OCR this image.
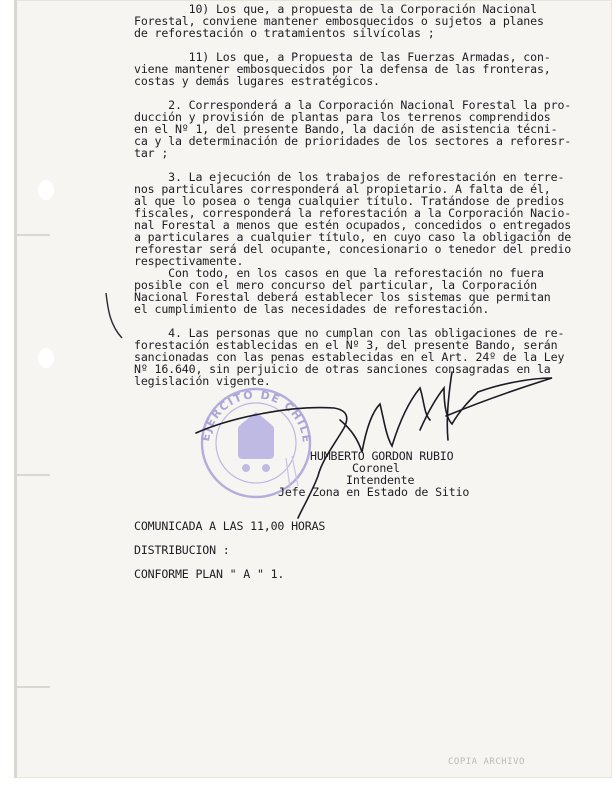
10) Los que, a propuesta de la Corporación Nacional
Forestal, conviene mantener embosquecidos o sujetos a planes
de reforestación o tratamientos silvícolas ;
11) Los que, a Propuesta de las Fuerzas Armadas, con-
viene mantener embosquecidos por la defensa de las fronteras,
costas y demás lugares estratégicos.
2. Corresponderá a la Corporación Nacional Forestal la pro-
ducción y provisión de plantas para los terrenos comprendidos
en el Nº 1, del presente Bando, la dación de asistencia técni-
ca y la determinación de prioridades de los sectores a reforesr-
tar ;
3. La ejecución de los trabajos de reforestación en terre-
nos particulares corresponderá al propietario. A falta de él,
al que lo posea o tenga cualquier título. Tratándose de predios
fiscales, corresponderá la reforestación a la Corporación Nacio-
nal Forestal a menos que estén ocupados, concedidos o entregados
a particulares a cualquier título, en cuyo caso la obligación de
reforestar será del ocupante, concesionario o tenedor del predio
respectivamente.
Con todo, en los casos en que la reforestación no fuera
posible con el mero concurso del particular, la Corporación
Nacional Forestal deberá establecer los sistemas que permitan
el cumplimiento de las necesidades de reforestación.
4. Las personas que no cumplan con las obligaciones de re-
forestación establecidas en el Nº 3, del presente Bando, serán
sancionadas con las penas establecidas en el Art. 24º de la Ley
Nº 16.640, sin perjuicio de otras sanciones consagradas en la
legislación vigente.
EJERCITO DE CHILE
HUMBERTO GORDON RUBIO
Coronel
Intendente
Jefe Zona en Estado de Sitio
COMUNICADA A LAS 11,00 HORAS
DISTRIBUCION :
CONFORME PLAN " A " 1.
COPIA ARCHIVO
